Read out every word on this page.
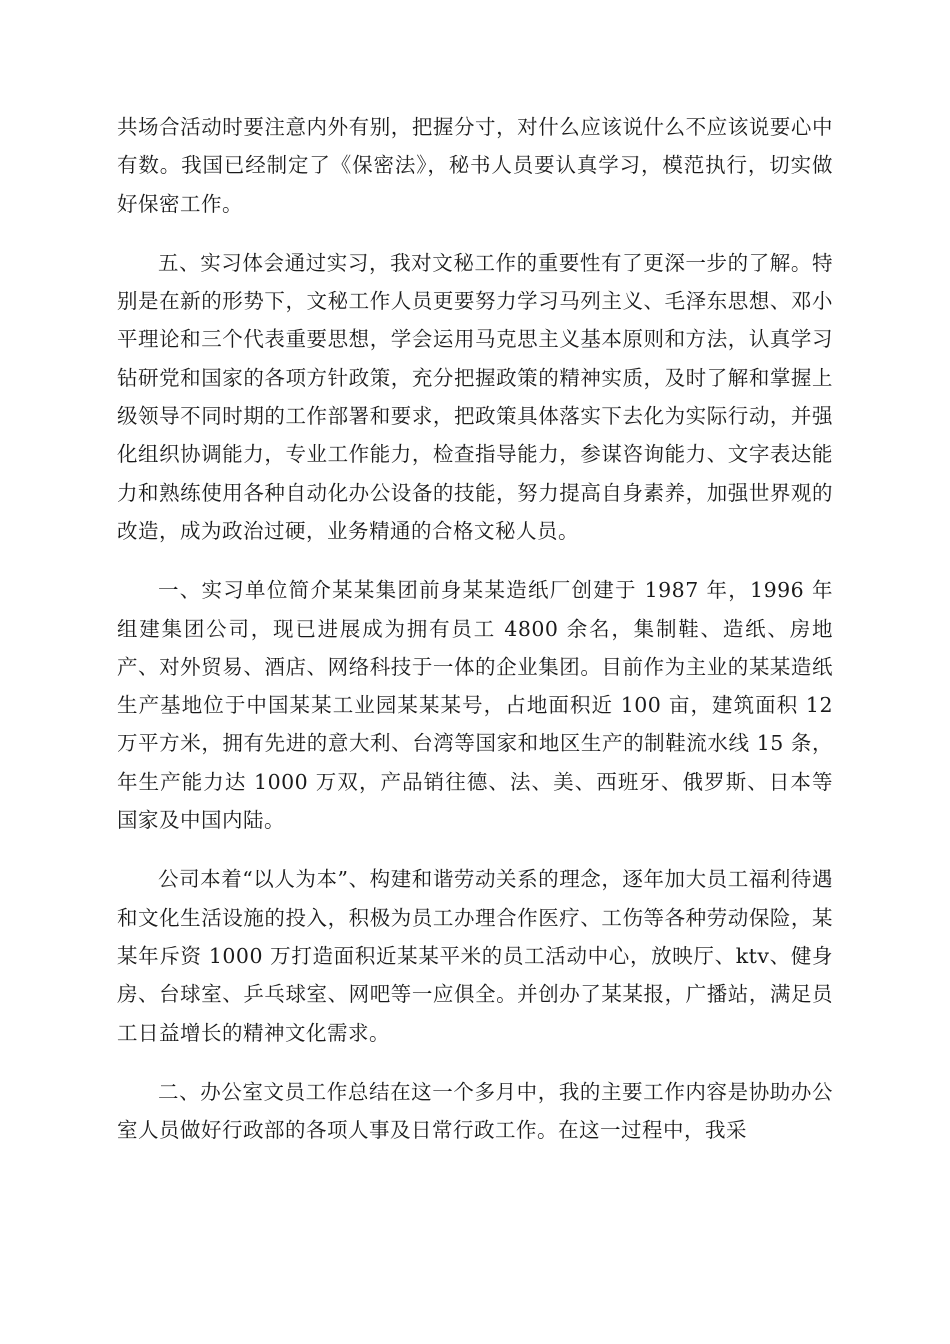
共场合活动时要注意内外有别，把握分寸，对什么应该说什么不应该说要心中有数。我国已经制定了《保密法》，秘书人员要认真学习，模范执行，切实做好保密工作。

五、实习体会通过实习，我对文秘工作的重要性有了更深一步的了解。特别是在新的形势下，文秘工作人员更要努力学习马列主义、毛泽东思想、邓小平理论和三个代表重要思想，学会运用马克思主义基本原则和方法，认真学习钻研党和国家的各项方针政策，充分把握政策的精神实质，及时了解和掌握上级领导不同时期的工作部署和要求，把政策具体落实下去化为实际行动，并强化组织协调能力，专业工作能力，检查指导能力，参谋咨询能力、文字表达能力和熟练使用各种自动化办公设备的技能，努力提高自身素养，加强世界观的改造，成为政治过硬，业务精通的合格文秘人员。

一、实习单位简介某某集团前身某某造纸厂创建于 1987 年，1996 年组建集团公司，现已进展成为拥有员工 4800 余名，集制鞋、造纸、房地产、对外贸易、酒店、网络科技于一体的企业集团。目前作为主业的某某造纸生产基地位于中国某某工业园某某某号，占地面积近 100 亩，建筑面积 12 万平方米，拥有先进的意大利、台湾等国家和地区生产的制鞋流水线 15 条，年生产能力达 1000 万双，产品销往德、法、美、西班牙、俄罗斯、日本等国家及中国内陆。

公司本着“以人为本”、构建和谐劳动关系的理念，逐年加大员工福利待遇和文化生活设施的投入，积极为员工办理合作医疗、工伤等各种劳动保险，某某年斥资 1000 万打造面积近某某平米的员工活动中心，放映厅、ktv、健身房、台球室、乒乓球室、网吧等一应俱全。并创办了某某报，广播站，满足员工日益增长的精神文化需求。

二、办公室文员工作总结在这一个多月中，我的主要工作内容是协助办公室人员做好行政部的各项人事及日常行政工作。在这一过程中，我采
